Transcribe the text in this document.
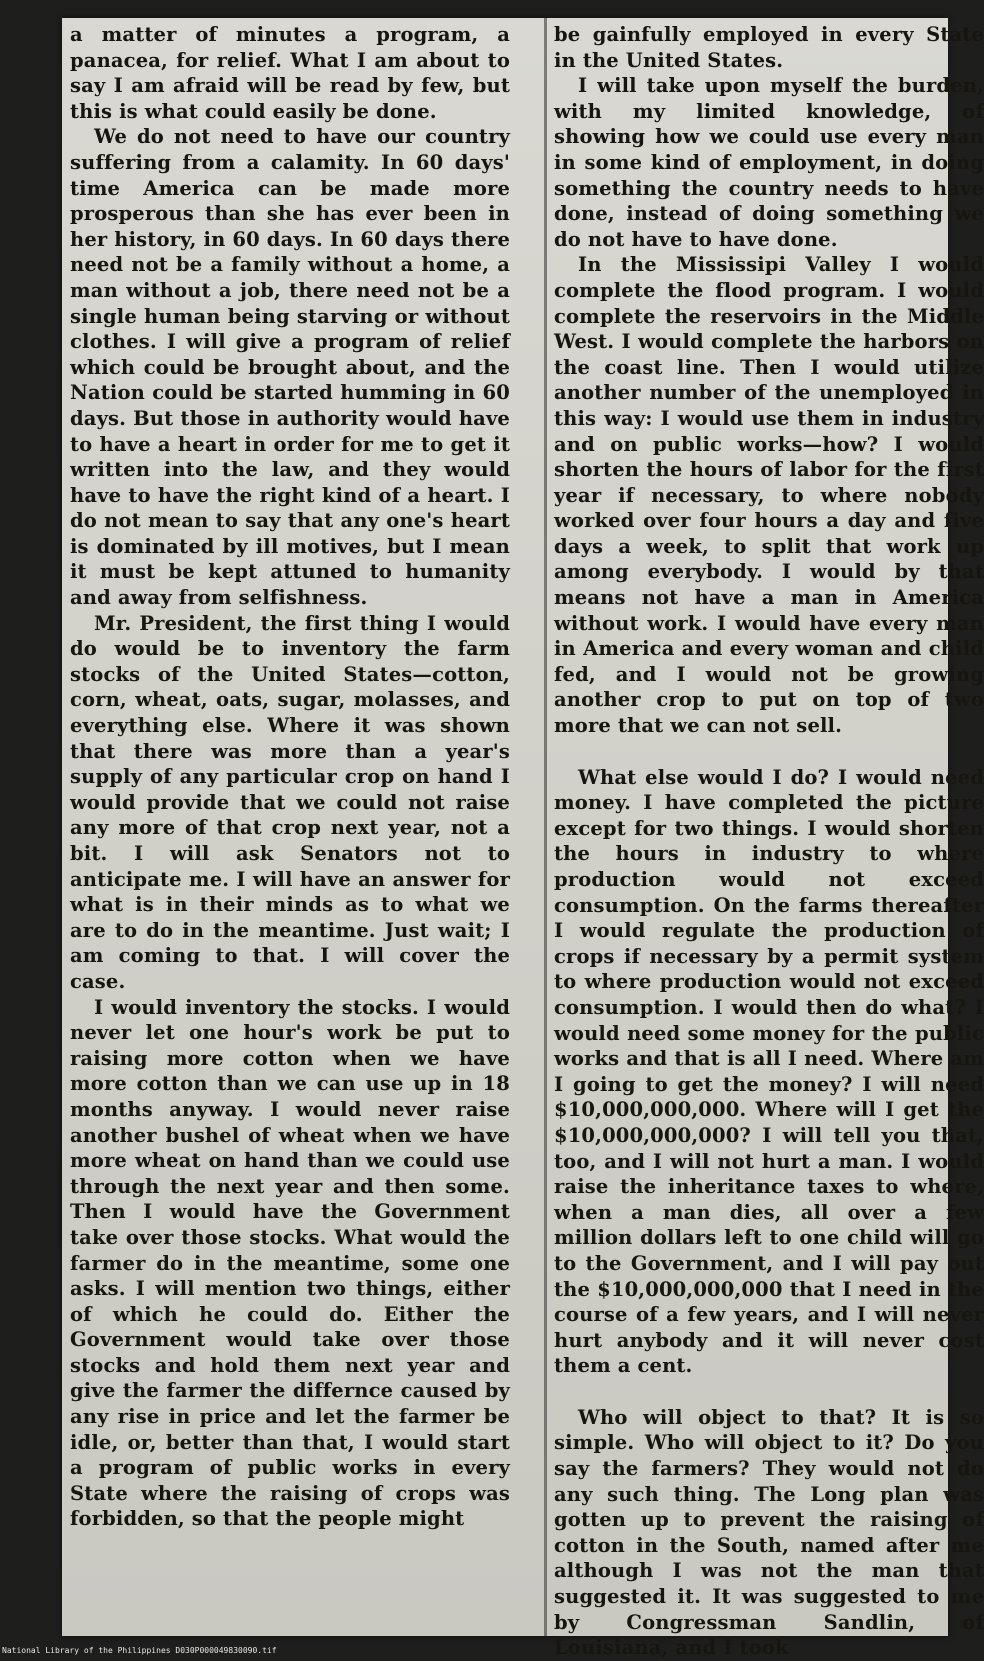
a matter of minutes a program, a panacea, for relief. What I am about to say I am afraid will be read by few, but this is what could easily be done.

We do not need to have our country suffering from a calamity. In 60 days' time America can be made more prosperous than she has ever been in her history, in 60 days. In 60 days there need not be a family without a home, a man without a job, there need not be a single human being starving or without clothes. I will give a program of relief which could be brought about, and the Nation could be started humming in 60 days. But those in authority would have to have a heart in order for me to get it written into the law, and they would have to have the right kind of a heart. I do not mean to say that any one's heart is dominated by ill motives, but I mean it must be kept attuned to humanity and away from selfishness.

Mr. President, the first thing I would do would be to inventory the farm stocks of the United States—cotton, corn, wheat, oats, sugar, molasses, and everything else. Where it was shown that there was more than a year's supply of any particular crop on hand I would provide that we could not raise any more of that crop next year, not a bit. I will ask Senators not to anticipate me. I will have an answer for what is in their minds as to what we are to do in the meantime. Just wait; I am coming to that. I will cover the case.

I would inventory the stocks. I would never let one hour's work be put to raising more cotton when we have more cotton than we can use up in 18 months anyway. I would never raise another bushel of wheat when we have more wheat on hand than we could use through the next year and then some. Then I would have the Government take over those stocks. What would the farmer do in the meantime, some one asks. I will mention two things, either of which he could do. Either the Government would take over those stocks and hold them next year and give the farmer the differnce caused by any rise in price and let the farmer be idle, or, better than that, I would start a program of public works in every State where the raising of crops was forbidden, so that the people might

be gainfully employed in every State in the United States.

I will take upon myself the burden, with my limited knowledge, of showing how we could use every man in some kind of employment, in doing something the country needs to have done, instead of doing something we do not have to have done.

In the Mississipi Valley I would complete the flood program. I would complete the reservoirs in the Middle West. I would complete the harbors on the coast line. Then I would utilize another number of the unemployed in this way: I would use them in industry and on public works—how? I would shorten the hours of labor for the first year if necessary, to where nobody worked over four hours a day and five days a week, to split that work up among everybody. I would by that means not have a man in America without work. I would have every man in America and every woman and child fed, and I would not be growing another crop to put on top of two more that we can not sell.

What else would I do? I would need money. I have completed the picture except for two things. I would shorten the hours in industry to where production would not exceed consumption. On the farms thereafter I would regulate the production of crops if necessary by a permit system to where production would not exceed consumption. I would then do what? I would need some money for the public works and that is all I need. Where am I going to get the money? I will need $10,000,000,000. Where will I get the $10,000,000,000? I will tell you that, too, and I will not hurt a man. I would raise the inheritance taxes to where, when a man dies, all over a few million dollars left to one child will go to the Government, and I will pay out the $10,000,000,000 that I need in the course of a few years, and I will never hurt anybody and it will never cost them a cent.

Who will object to that? It is so simple. Who will object to it? Do you say the farmers? They would not do any such thing. The Long plan was gotten up to prevent the raising of cotton in the South, named after me although I was not the man that suggested it. It was suggested to me by Congressman Sandlin, of Louisiana, and I took

National Library of the Philippines D030P000049830090.tif
